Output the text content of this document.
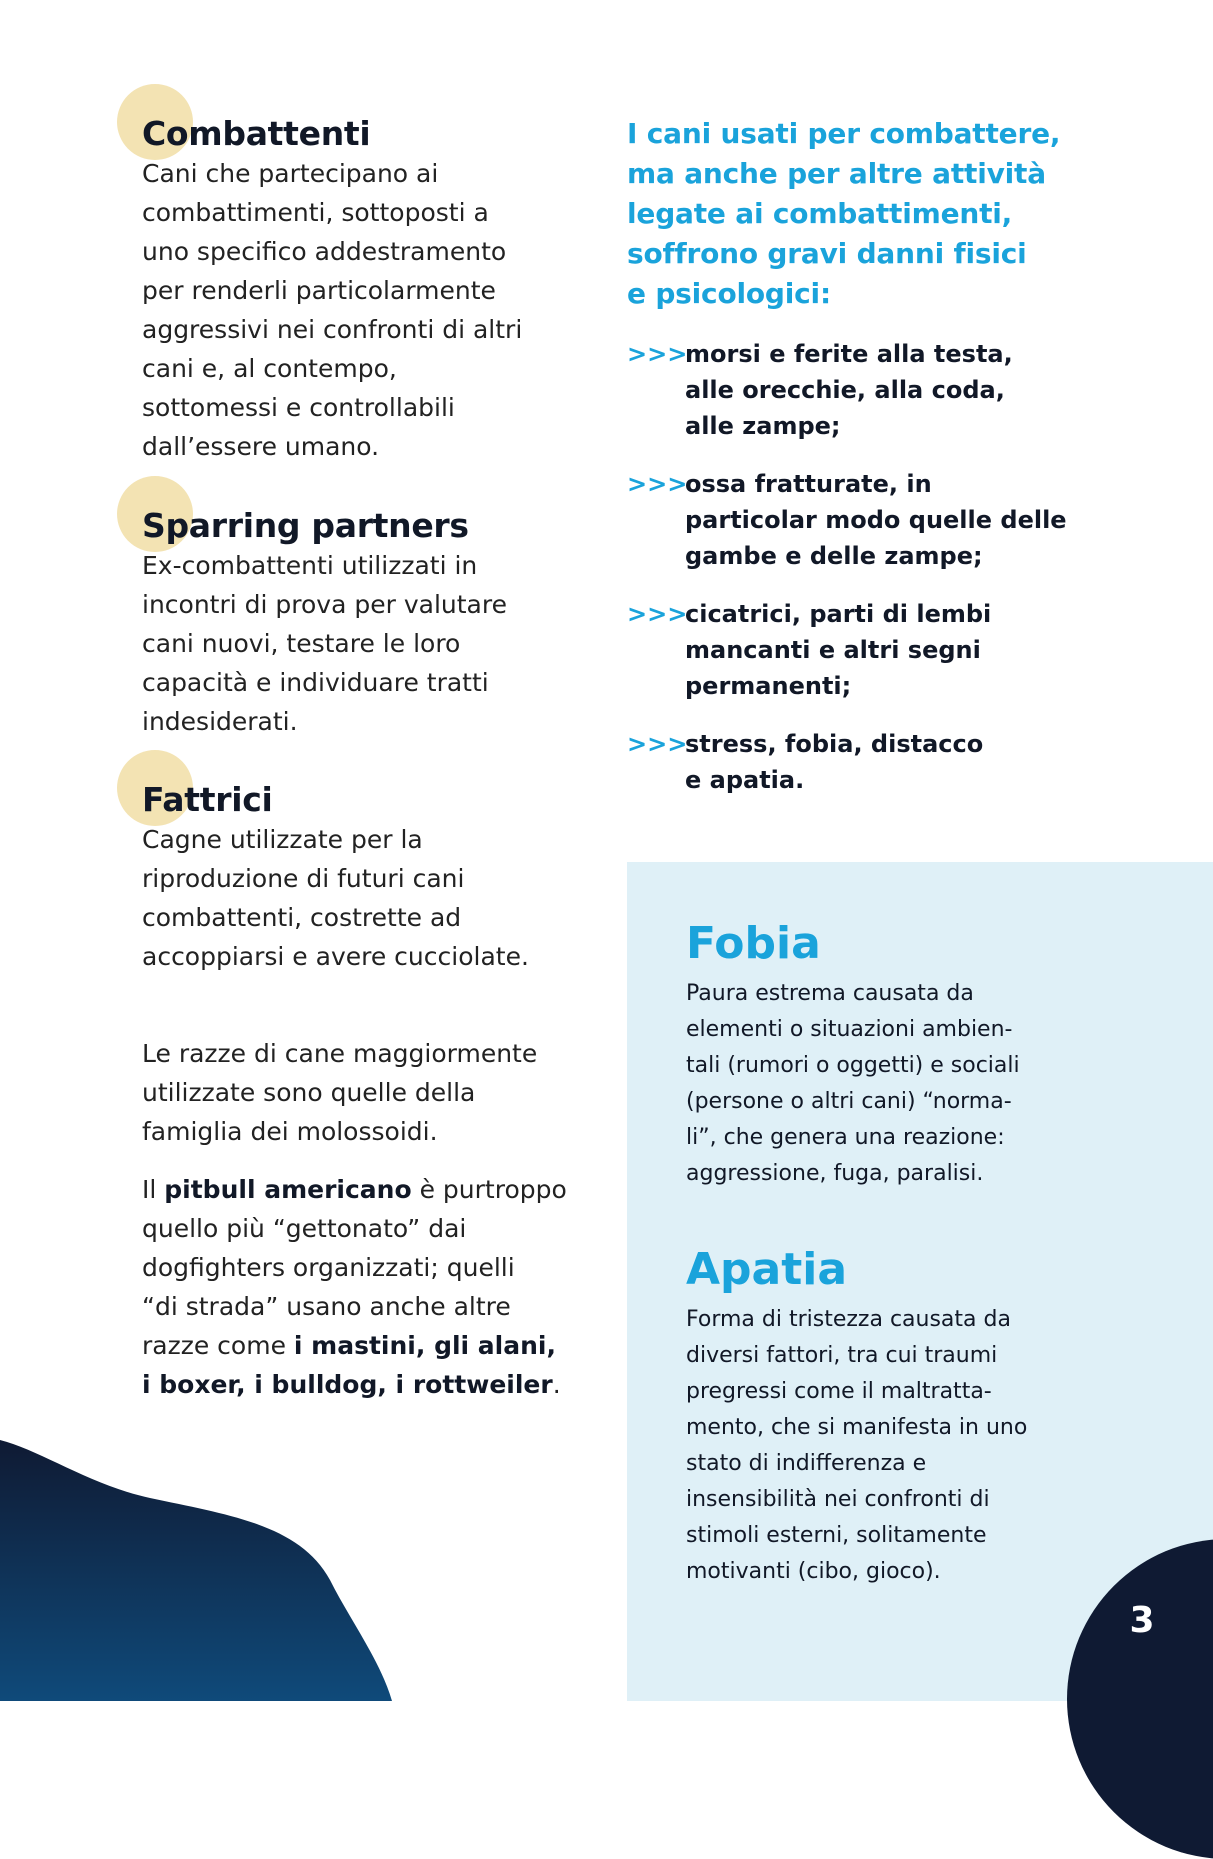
Combattenti

Cani che partecipano ai
combattimenti, sottoposti a
uno specifico addestramento
per renderli particolarmente
aggressivi nei confronti di altri
cani e, al contempo,
sottomessi e controllabili
dall’essere umano.

Sparring partners

Ex-combattenti utilizzati in
incontri di prova per valutare
cani nuovi, testare le loro
capacità e individuare tratti
indesiderati.

Fattrici

Cagne utilizzate per la
riproduzione di futuri cani
combattenti, costrette ad
accoppiarsi e avere cucciolate.

Le razze di cane maggiormente
utilizzate sono quelle della
famiglia dei molossoidi.

Il pitbull americano è purtroppo
quello più “gettonato” dai
dogfighters organizzati; quelli
“di strada” usano anche altre
razze come i mastini, gli alani,
i boxer, i bulldog, i rottweiler.

I cani usati per combattere,
ma anche per altre attività
legate ai combattimenti,
soffrono gravi danni fisici
e psicologici:

>>>
morsi e ferite alla testa,
alle orecchie, alla coda,
alle zampe;
>>>
ossa fratturate, in
particolar modo quelle delle
gambe e delle zampe;
>>>
cicatrici, parti di lembi
mancanti e altri segni
permanenti;
>>>
stress, fobia, distacco
e apatia.
Fobia

Paura estrema causata da
elementi o situazioni ambien-
tali (rumori o oggetti) e sociali
(persone o altri cani) “norma-
li”, che genera una reazione:
aggressione, fuga, paralisi.

Apatia

Forma di tristezza causata da
diversi fattori, tra cui traumi
pregressi come il maltratta-
mento, che si manifesta in uno
stato di indifferenza e
insensibilità nei confronti di
stimoli esterni, solitamente
motivanti (cibo, gioco).

3
